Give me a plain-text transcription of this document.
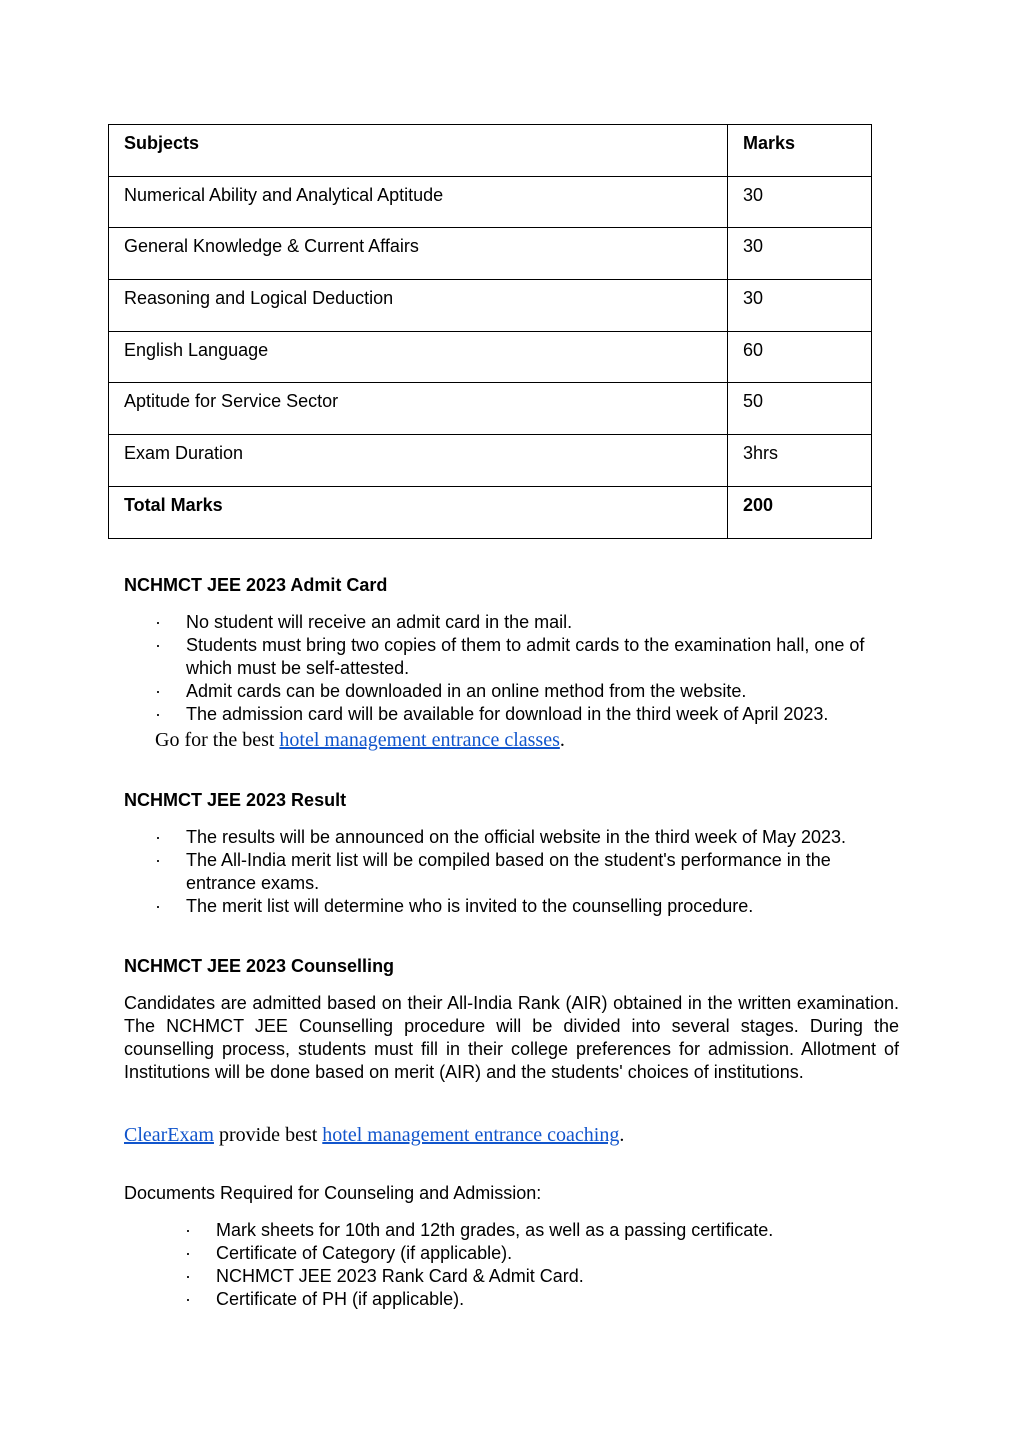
Subjects	Marks
Numerical Ability and Analytical Aptitude	30
General Knowledge & Current Affairs	30
Reasoning and Logical Deduction	30
English Language	60
Aptitude for Service Sector	50
Exam Duration	3hrs
Total Marks	200
NCHMCT JEE 2023 Admit Card
· No student will receive an admit card in the mail.
· Students must bring two copies of them to admit cards to the examination hall, one of which must be self-attested.
· Admit cards can be downloaded in an online method from the website.
· The admission card will be available for download in the third week of April 2023.
Go for the best hotel management entrance classes.
NCHMCT JEE 2023 Result
· The results will be announced on the official website in the third week of May 2023.
· The All-India merit list will be compiled based on the student's performance in the entrance exams.
· The merit list will determine who is invited to the counselling procedure.
NCHMCT JEE 2023 Counselling
Candidates are admitted based on their All-India Rank (AIR) obtained in the written examination. The NCHMCT JEE Counselling procedure will be divided into several stages. During the counselling process, students must fill in their college preferences for admission. Allotment of Institutions will be done based on merit (AIR) and the students' choices of institutions.
ClearExam provide best hotel management entrance coaching.
Documents Required for Counseling and Admission:
· Mark sheets for 10th and 12th grades, as well as a passing certificate.
· Certificate of Category (if applicable).
· NCHMCT JEE 2023 Rank Card & Admit Card.
· Certificate of PH (if applicable).
